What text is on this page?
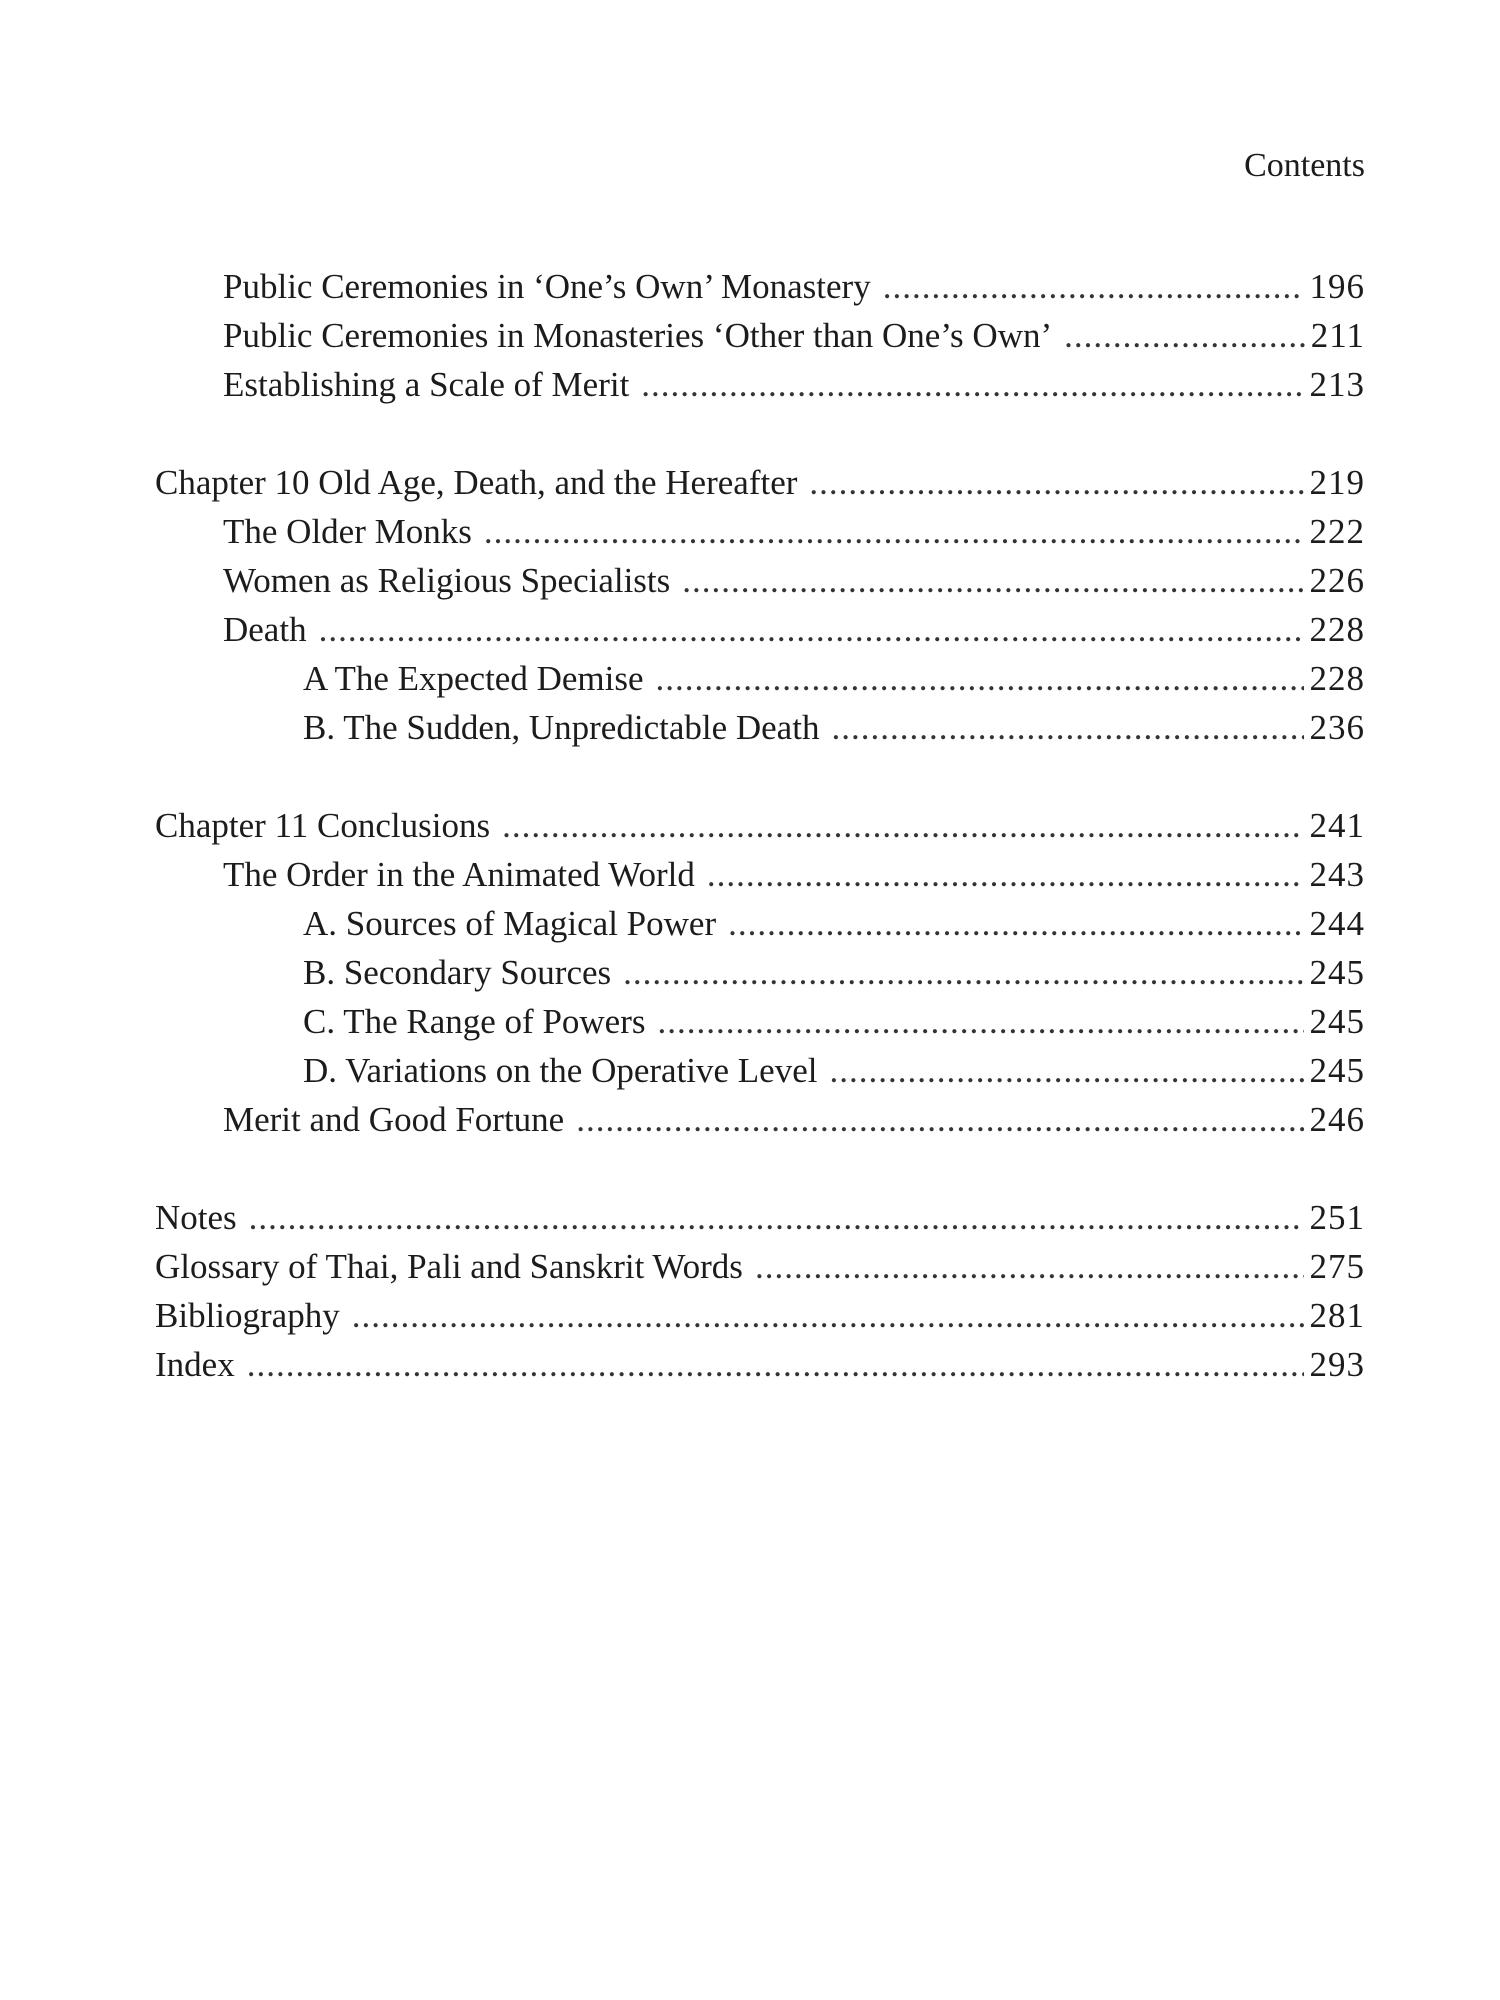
Contents
Public Ceremonies in ‘One’s Own’ Monastery .....	196
Public Ceremonies in Monasteries ‘Other than One’s Own’ .....	211
Establishing a Scale of Merit .....	213
Chapter 10 Old Age, Death, and the Hereafter .....	219
The Older Monks .....	222
Women as Religious Specialists .....	226
Death .....	228
A The Expected Demise .....	228
B. The Sudden, Unpredictable Death .....	236
Chapter 11 Conclusions .....	241
The Order in the Animated World .....	243
A. Sources of Magical Power .....	244
B. Secondary Sources .....	245
C. The Range of Powers .....	245
D. Variations on the Operative Level .....	245
Merit and Good Fortune .....	246
Notes .....	251
Glossary of Thai, Pali and Sanskrit Words .....	275
Bibliography .....	281
Index .....	293
